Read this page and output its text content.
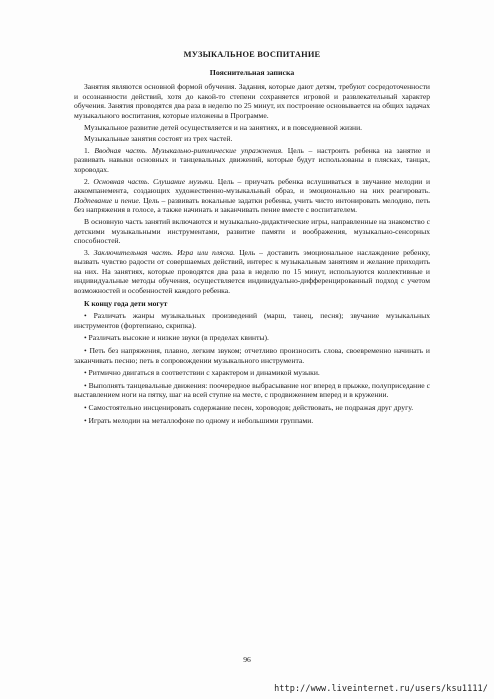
МУЗЫКАЛЬНОЕ ВОСПИТАНИЕ
Пояснительная записка

Занятия являются основной формой обучения. Задания, которые дают детям, требуют сосредоточенности и осознанности действий, хотя до какой-то степени сохраняется игровой и развлекательный характер обучения. Занятия проводятся два раза в неделю по 25 минут, их построение основывается на общих задачах музыкального воспитания, которые изложены в Программе.

Музыкальное развитие детей осуществляется и на занятиях, и в повседневной жизни.

Музыкальные занятия состоят из трех частей.

1. Вводная часть. Музыкально-ритмические упражнения. Цель – настроить ребенка на занятие и развивать навыки основных и танцевальных движений, которые будут использованы в плясках, танцах, хороводах.

2. Основная часть. Слушание музыки. Цель – приучать ребенка вслушиваться в звучание мелодии и аккомпанемента, создающих художественно-музыкальный образ, и эмоционально на них реагировать. Подпевание и пение. Цель – развивать вокальные задатки ребенка, учить чисто интонировать мелодию, петь без напряжения в голосе, а также начинать и заканчивать пение вместе с воспитателем.

В основную часть занятий включаются и музыкально-дидактические игры, направленные на знакомство с детскими музыкальными инструментами, развитие памяти и воображения, музыкально-сенсорных способностей.

3. Заключительная часть. Игра или пляска. Цель – доставить эмоциональное наслаждение ребенку, вызвать чувство радости от совершаемых действий, интерес к музыкальным занятиям и желание приходить на них. На занятиях, которые проводятся два раза в неделю по 15 минут, используются коллективные и индивидуальные методы обучения, осуществляется индивидуально-дифференцированный подход с учетом возможностей и особенностей каждого ребенка.

К концу года дети могут

• Различать жанры музыкальных произведений (марш, танец, песня); звучание музыкальных инструментов (фортепиано, скрипка).

• Различать высокие и низкие звуки (в пределах квинты).

• Петь без напряжения, плавно, легким звуком; отчетливо произносить слова, своевременно начинать и заканчивать песню; петь в сопровождении музыкального инструмента.

• Ритмично двигаться в соответствии с характером и динамикой музыки.

• Выполнять танцевальные движения: поочередное выбрасывание ног вперед в прыжке, полуприседание с выставлением ноги на пятку, шаг на всей ступне на месте, с продвижением вперед и в кружении.

• Самостоятельно инсценировать содержание песен, хороводов; действовать, не подражая друг другу.

• Играть мелодии на металлофоне по одному и небольшими группами.

96
http://www.liveinternet.ru/users/ksu1111/
